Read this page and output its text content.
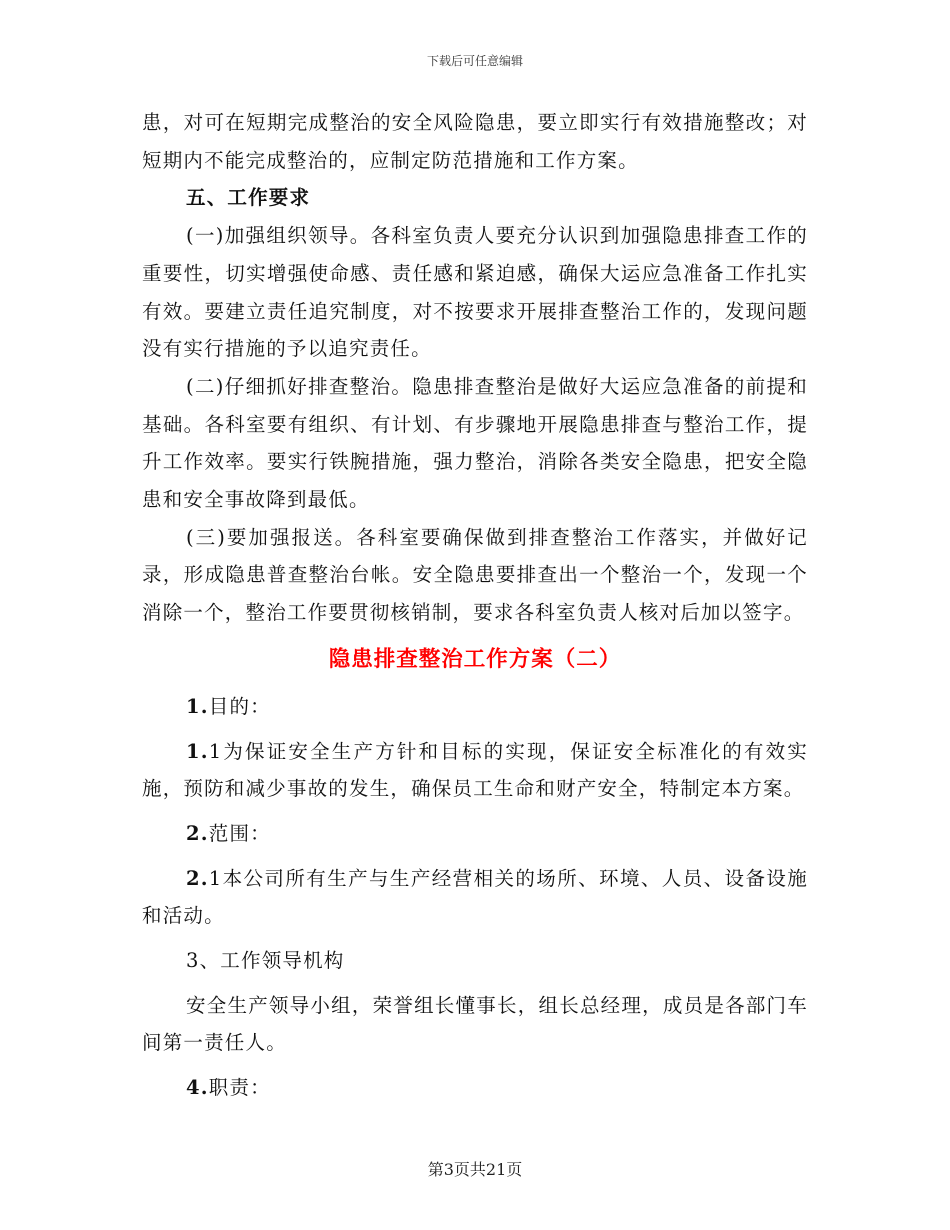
下载后可任意编辑

患，对可在短期完成整治的安全风险隐患，要立即实行有效措施整改；对短期内不能完成整治的，应制定防范措施和工作方案。

五、工作要求

(一)加强组织领导。各科室负责人要充分认识到加强隐患排查工作的重要性，切实增强使命感、责任感和紧迫感，确保大运应急准备工作扎实有效。要建立责任追究制度，对不按要求开展排查整治工作的，发现问题没有实行措施的予以追究责任。

(二)仔细抓好排查整治。隐患排查整治是做好大运应急准备的前提和基础。各科室要有组织、有计划、有步骤地开展隐患排查与整治工作，提升工作效率。要实行铁腕措施，强力整治，消除各类安全隐患，把安全隐患和安全事故降到最低。

(三)要加强报送。各科室要确保做到排查整治工作落实，并做好记录，形成隐患普查整治台帐。安全隐患要排查出一个整治一个，发现一个消除一个，整治工作要贯彻核销制，要求各科室负责人核对后加以签字。

隐患排查整治工作方案（二）

1.目的：

1.1为保证安全生产方针和目标的实现，保证安全标准化的有效实施，预防和减少事故的发生，确保员工生命和财产安全，特制定本方案。

2.范围：

2.1本公司所有生产与生产经营相关的场所、环境、人员、设备设施和活动。

3、工作领导机构

安全生产领导小组，荣誉组长懂事长，组长总经理，成员是各部门车间第一责任人。

4.职责：

第3页共21页
